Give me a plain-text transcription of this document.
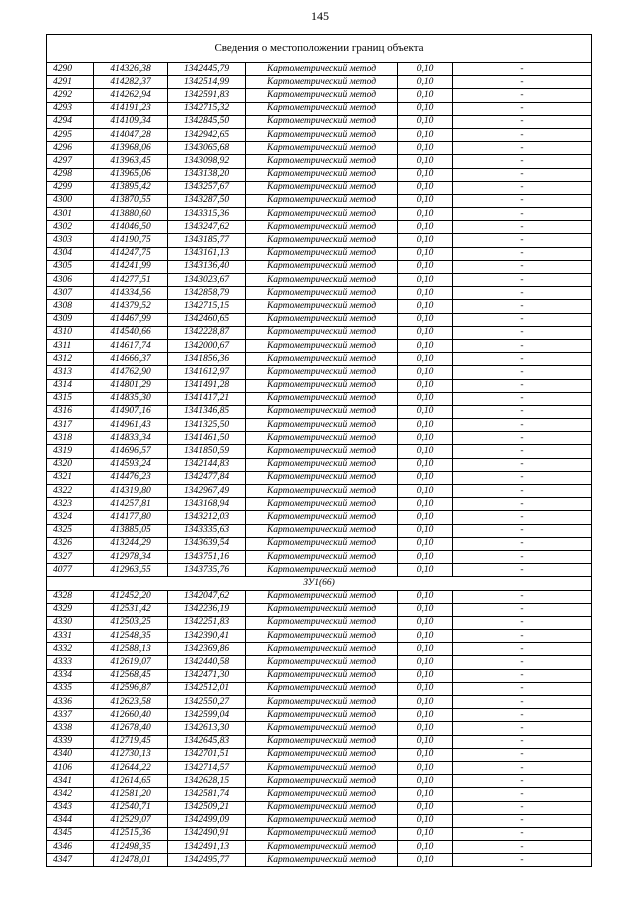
145
Сведения о местоположении границ объекта					
4290	414326,38	1342445,79	Картометрический метод	0,10	-
4291	414282,37	1342514,99	Картометрический метод	0,10	-
4292	414262,94	1342591,83	Картометрический метод	0,10	-
4293	414191,23	1342715,32	Картометрический метод	0,10	-
4294	414109,34	1342845,50	Картометрический метод	0,10	-
4295	414047,28	1342942,65	Картометрический метод	0,10	-
4296	413968,06	1343065,68	Картометрический метод	0,10	-
4297	413963,45	1343098,92	Картометрический метод	0,10	-
4298	413965,06	1343138,20	Картометрический метод	0,10	-
4299	413895,42	1343257,67	Картометрический метод	0,10	-
4300	413870,55	1343287,50	Картометрический метод	0,10	-
4301	413880,60	1343315,36	Картометрический метод	0,10	-
4302	414046,50	1343247,62	Картометрический метод	0,10	-
4303	414190,75	1343185,77	Картометрический метод	0,10	-
4304	414247,75	1343161,13	Картометрический метод	0,10	-
4305	414241,99	1343136,40	Картометрический метод	0,10	-
4306	414277,51	1343023,67	Картометрический метод	0,10	-
4307	414334,56	1342858,79	Картометрический метод	0,10	-
4308	414379,52	1342715,15	Картометрический метод	0,10	-
4309	414467,99	1342460,65	Картометрический метод	0,10	-
4310	414540,66	1342228,87	Картометрический метод	0,10	-
4311	414617,74	1342000,67	Картометрический метод	0,10	-
4312	414666,37	1341856,36	Картометрический метод	0,10	-
4313	414762,90	1341612,97	Картометрический метод	0,10	-
4314	414801,29	1341491,28	Картометрический метод	0,10	-
4315	414835,30	1341417,21	Картометрический метод	0,10	-
4316	414907,16	1341346,85	Картометрический метод	0,10	-
4317	414961,43	1341325,50	Картометрический метод	0,10	-
4318	414833,34	1341461,50	Картометрический метод	0,10	-
4319	414696,57	1341850,59	Картометрический метод	0,10	-
4320	414593,24	1342144,83	Картометрический метод	0,10	-
4321	414476,23	1342477,84	Картометрический метод	0,10	-
4322	414319,80	1342967,49	Картометрический метод	0,10	-
4323	414257,81	1343168,94	Картометрический метод	0,10	-
4324	414177,80	1343212,03	Картометрический метод	0,10	-
4325	413885,05	1343335,63	Картометрический метод	0,10	-
4326	413244,29	1343639,54	Картометрический метод	0,10	-
4327	412978,34	1343751,16	Картометрический метод	0,10	-
4077	412963,55	1343735,76	Картометрический метод	0,10	-
ЗУ1(66)					
4328	412452,20	1342047,62	Картометрический метод	0,10	-
4329	412531,42	1342236,19	Картометрический метод	0,10	-
4330	412503,25	1342251,83	Картометрический метод	0,10	-
4331	412548,35	1342390,41	Картометрический метод	0,10	-
4332	412588,13	1342369,86	Картометрический метод	0,10	-
4333	412619,07	1342440,58	Картометрический метод	0,10	-
4334	412568,45	1342471,30	Картометрический метод	0,10	-
4335	412596,87	1342512,01	Картометрический метод	0,10	-
4336	412623,58	1342550,27	Картометрический метод	0,10	-
4337	412660,40	1342599,04	Картометрический метод	0,10	-
4338	412678,40	1342613,30	Картометрический метод	0,10	-
4339	412719,45	1342645,83	Картометрический метод	0,10	-
4340	412730,13	1342701,51	Картометрический метод	0,10	-
4106	412644,22	1342714,57	Картометрический метод	0,10	-
4341	412614,65	1342628,15	Картометрический метод	0,10	-
4342	412581,20	1342581,74	Картометрический метод	0,10	-
4343	412540,71	1342509,21	Картометрический метод	0,10	-
4344	412529,07	1342499,09	Картометрический метод	0,10	-
4345	412515,36	1342490,91	Картометрический метод	0,10	-
4346	412498,35	1342491,13	Картометрический метод	0,10	-
4347	412478,01	1342495,77	Картометрический метод	0,10	-
